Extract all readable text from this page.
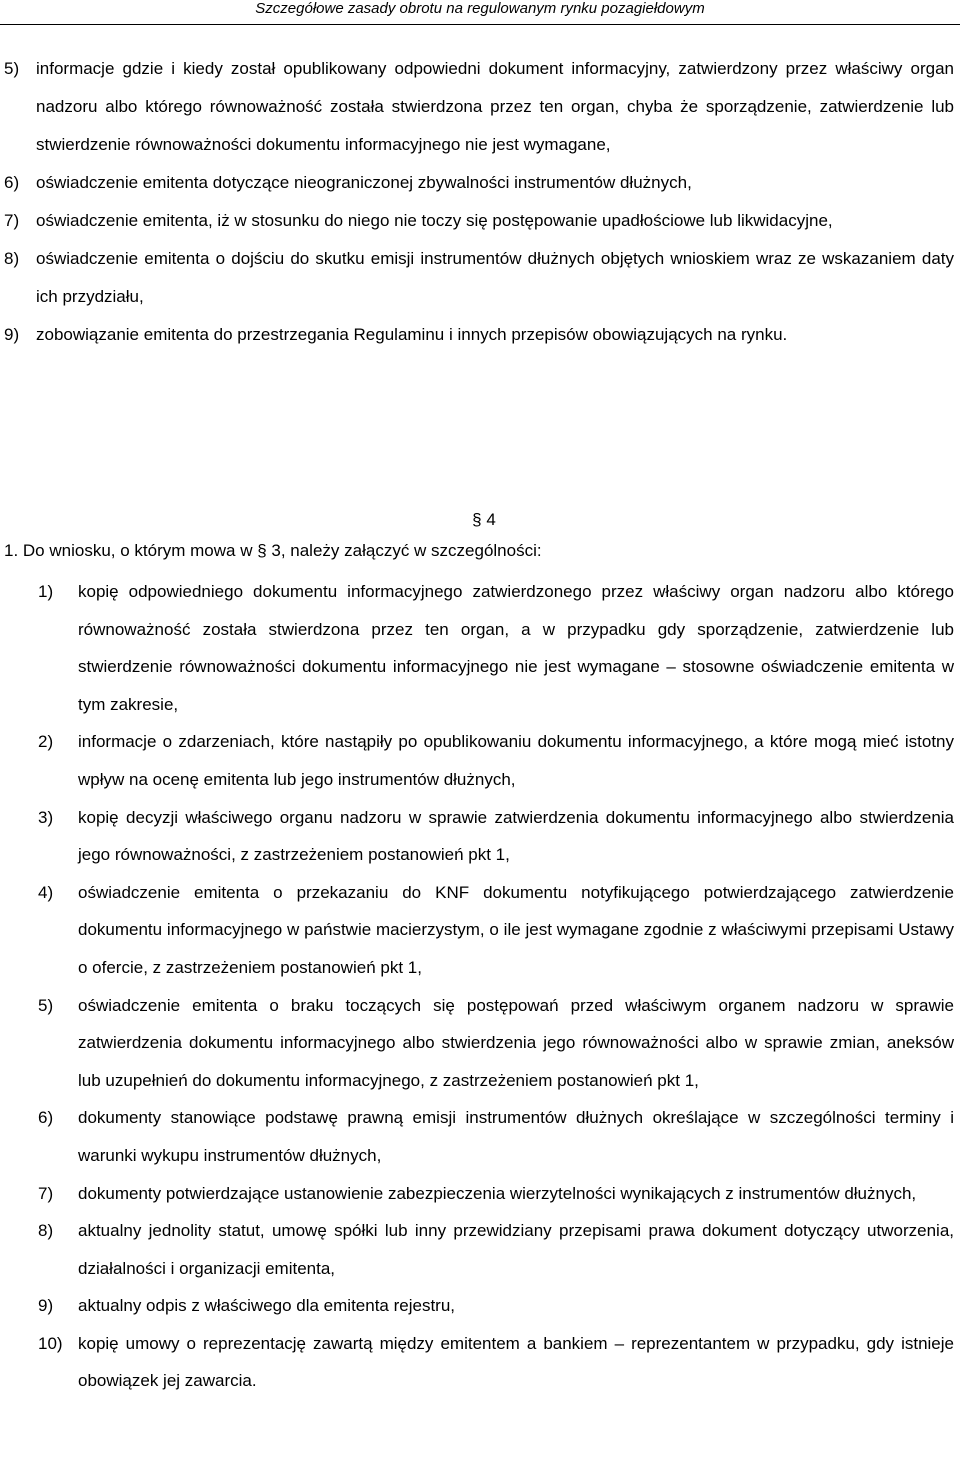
Szczegółowe zasady obrotu na regulowanym rynku pozagiełdowym
5) informacje gdzie i kiedy został opublikowany odpowiedni dokument informacyjny, zatwierdzony przez właściwy organ nadzoru albo którego równoważność została stwierdzona przez ten organ, chyba że sporządzenie, zatwierdzenie lub stwierdzenie równoważności dokumentu informacyjnego nie jest wymagane,
6) oświadczenie emitenta dotyczące nieograniczonej zbywalności instrumentów dłużnych,
7) oświadczenie emitenta, iż w stosunku do niego nie toczy się postępowanie upadłościowe lub likwidacyjne,
8) oświadczenie emitenta o dojściu do skutku emisji instrumentów dłużnych objętych wnioskiem wraz ze wskazaniem daty ich przydziału,
9) zobowiązanie emitenta do przestrzegania Regulaminu i innych przepisów obowiązujących na rynku.
§ 4
1. Do wniosku, o którym mowa w § 3, należy załączyć w szczególności:
1)	kopię odpowiedniego dokumentu informacyjnego zatwierdzonego przez właściwy organ nadzoru albo którego równoważność została stwierdzona przez ten organ, a w przypadku gdy sporządzenie, zatwierdzenie lub stwierdzenie równoważności dokumentu informacyjnego nie jest wymagane – stosowne oświadczenie emitenta w tym zakresie,
2)	informacje o zdarzeniach, które nastąpiły po opublikowaniu dokumentu informacyjnego, a które mogą mieć istotny wpływ na ocenę emitenta lub jego instrumentów dłużnych,
3)	kopię decyzji właściwego organu nadzoru w sprawie zatwierdzenia dokumentu informacyjnego albo stwierdzenia jego równoważności, z zastrzeżeniem postanowień pkt 1,
4)	oświadczenie emitenta o przekazaniu do KNF dokumentu notyfikującego potwierdzającego zatwierdzenie dokumentu informacyjnego w państwie macierzystym, o ile jest wymagane zgodnie z właściwymi przepisami Ustawy o ofercie, z zastrzeżeniem postanowień pkt 1,
5)	oświadczenie emitenta o braku toczących się postępowań przed właściwym organem nadzoru w sprawie zatwierdzenia dokumentu informacyjnego albo stwierdzenia jego równoważności albo w sprawie zmian, aneksów lub uzupełnień do dokumentu informacyjnego, z zastrzeżeniem postanowień pkt 1,
6)	dokumenty stanowiące podstawę prawną emisji instrumentów dłużnych określające w szczególności terminy i warunki wykupu instrumentów dłużnych,
7)	dokumenty potwierdzające ustanowienie zabezpieczenia wierzytelności wynikających z instrumentów dłużnych,
8)	aktualny jednolity statut, umowę spółki lub inny przewidziany przepisami prawa dokument dotyczący utworzenia, działalności i organizacji emitenta,
9)	aktualny odpis z właściwego dla emitenta rejestru,
10) kopię umowy o reprezentację zawartą między emitentem a bankiem – reprezentantem w przypadku, gdy istnieje obowiązek jej zawarcia.
